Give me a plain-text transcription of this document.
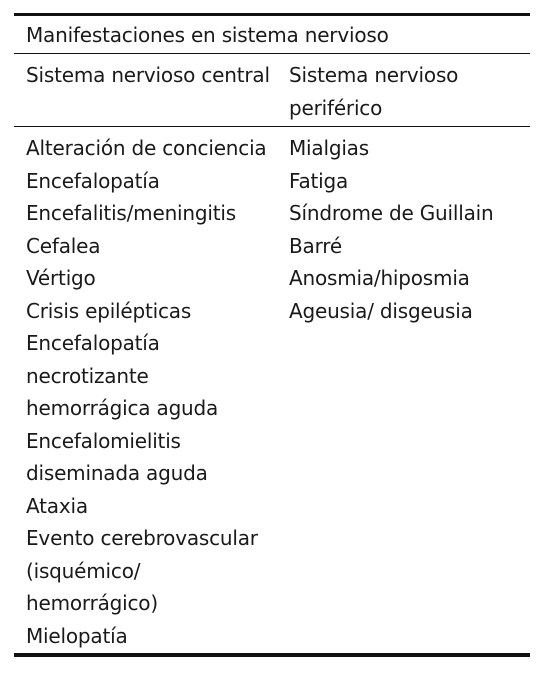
Manifestaciones en sistema nervioso
Sistema nervioso central Sistema nervioso
periférico
Alteración de conciencia
Encefalopatía
Encefalitis/meningitis
Cefalea
Vértigo
Crisis epilépticas
Encefalopatía
necrotizante
hemorrágica aguda
Encefalomielitis
diseminada aguda
Ataxia
Evento cerebrovascular
(isquémico/
hemorrágico)
Mielopatía
Mialgias
Fatiga
Síndrome de Guillain
Barré
Anosmia/hiposmia
Ageusia/ disgeusia
